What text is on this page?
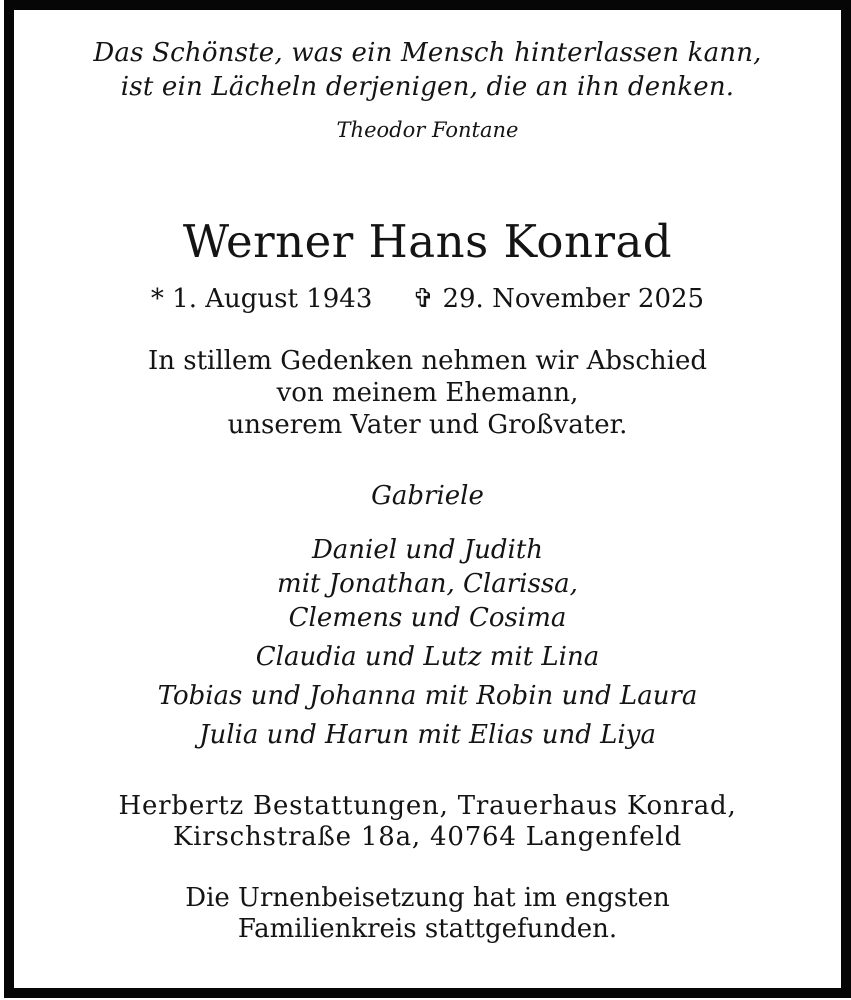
Das Schönste, was ein Mensch hinterlassen kann,
ist ein Lächeln derjenigen, die an ihn denken.
Theodor Fontane
Werner Hans Konrad
* 1. August 1943 ✞ 29. November 2025
In stillem Gedenken nehmen wir Abschied
von meinem Ehemann,
unserem Vater und Großvater.
Gabriele
Daniel und Judith
mit Jonathan, Clarissa,
Clemens und Cosima
Claudia und Lutz mit Lina
Tobias und Johanna mit Robin und Laura
Julia und Harun mit Elias und Liya
Herbertz Bestattungen, Trauerhaus Konrad,
Kirschstraße 18a, 40764 Langenfeld
Die Urnenbeisetzung hat im engsten
Familienkreis stattgefunden.
